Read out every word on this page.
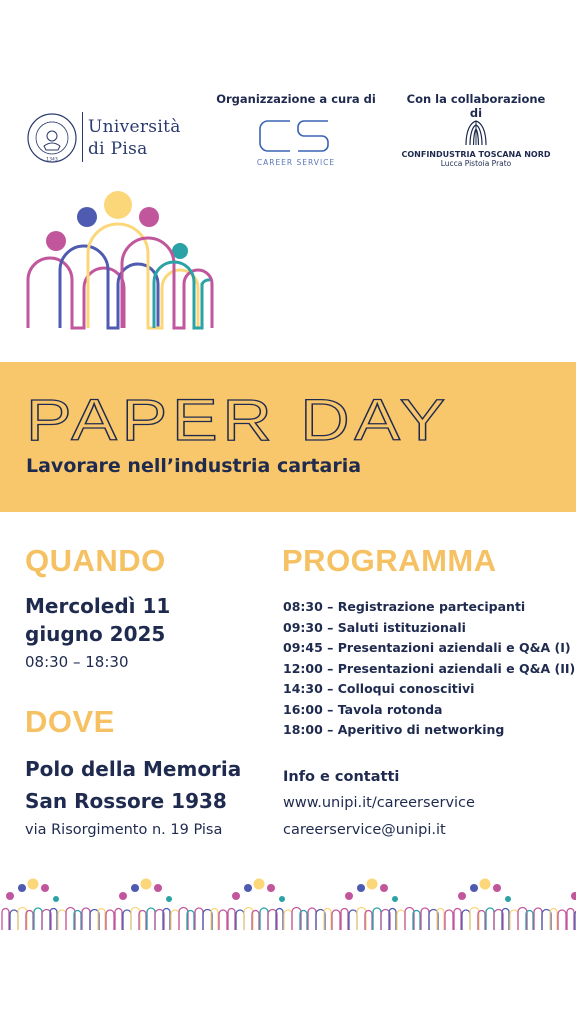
1343
Università
di Pisa
Organizzazione a cura di
CAREER SERVICE
Con la collaborazione di
CONFINDUSTRIA TOSCANA NORD
Lucca Pistoia Prato
PAPER DAY
Lavorare nell’industria cartaria
QUANDO
Mercoledì 11 giugno 2025
08:30 – 18:30
DOVE
Polo della Memoria San Rossore 1938
via Risorgimento n. 19 Pisa
PROGRAMMA
08:30 – Registrazione partecipanti
09:30 – Saluti istituzionali
09:45 – Presentazioni aziendali e Q&A (I)
12:00 – Presentazioni aziendali e Q&A (II)
14:30 – Colloqui conoscitivi
16:00 – Tavola rotonda
18:00 – Aperitivo di networking
Info e contatti
www.unipi.it/careerservice
careerservice@unipi.it
